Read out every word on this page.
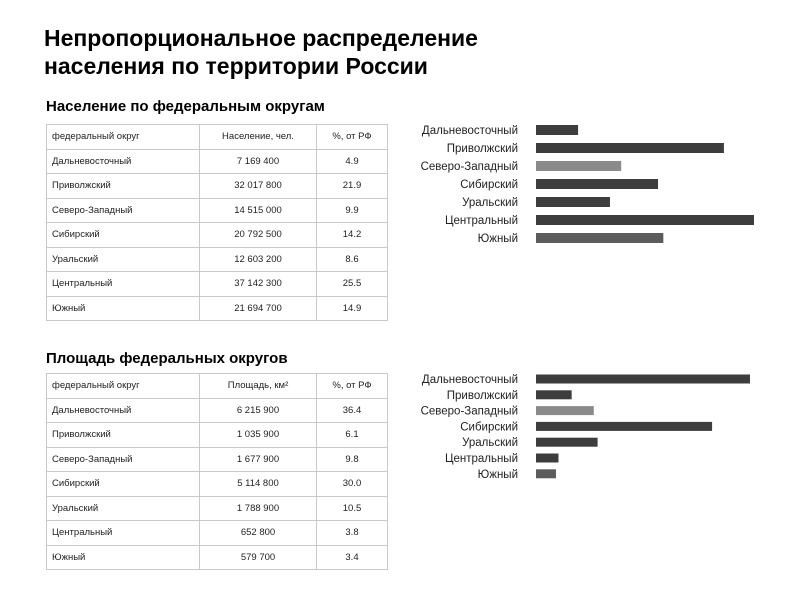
Непропорциональное распределение
населения по территории России
Население по федеральным округам
федеральный округ	Население, чел.	%, от РФ
Дальневосточный	7 169 400	4.9
Приволжский	32 017 800	21.9
Северо-Западный	14 515 000	9.9
Сибирский	20 792 500	14.2
Уральский	12 603 200	8.6
Центральный	37 142 300	25.5
Южный	21 694 700	14.9
Площадь федеральных округов
федеральный округ	Площадь, км²	%, от РФ
Дальневосточный	6 215 900	36.4
Приволжский	1 035 900	6.1
Северо-Западный	1 677 900	9.8
Сибирский	5 114 800	30.0
Уральский	1 788 900	10.5
Центральный	652 800	3.8
Южный	579 700	3.4
Дальневосточный
Приволжский
Северо-Западный
Сибирский
Уральский
Центральный
Южный
Дальневосточный
Приволжский
Северо-Западный
Сибирский
Уральский
Центральный
Южный
